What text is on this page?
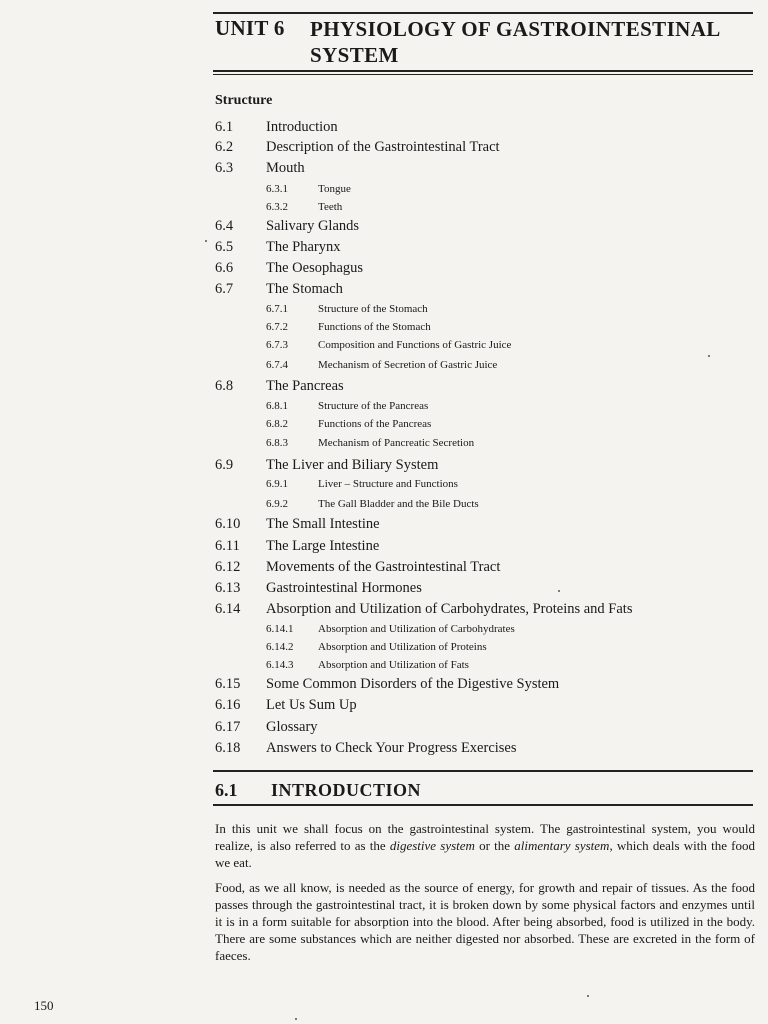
UNIT 6 PHYSIOLOGY OF GASTROINTESTINAL SYSTEM
Structure
6.1 Introduction
6.2 Description of the Gastrointestinal Tract
6.3 Mouth
6.3.1	Tongue
6.3.2	Teeth
6.4 Salivary Glands
6.5 The Pharynx
6.6 The Oesophagus
6.7 The Stomach
6.7.1	Structure of the Stomach
6.7.2	Functions of the Stomach
6.7.3	Composition and Functions of Gastric Juice
6.7.4	Mechanism of Secretion of Gastric Juice
6.8 The Pancreas
6.8.1	Structure of the Pancreas
6.8.2	Functions of the Pancreas
6.8.3	Mechanism of Pancreatic Secretion
6.9 The Liver and Biliary System
6.9.1	Liver – Structure and Functions
6.9.2	The Gall Bladder and the Bile Ducts
6.10 The Small Intestine
6.11 The Large Intestine
6.12 Movements of the Gastrointestinal Tract
6.13 Gastrointestinal Hormones
6.14 Absorption and Utilization of Carbohydrates, Proteins and Fats
6.14.1 Absorption and Utilization of Carbohydrates
6.14.2 Absorption and Utilization of Proteins
6.14.3 Absorption and Utilization of Fats
6.15 Some Common Disorders of the Digestive System
6.16 Let Us Sum Up
6.17 Glossary
6.18 Answers to Check Your Progress Exercises
6.1 INTRODUCTION
In this unit we shall focus on the gastrointestinal system. The gastrointestinal system, you would realize, is also referred to as the digestive system or the alimentary system, which deals with the food we eat.
Food, as we all know, is needed as the source of energy, for growth and repair of tissues. As the food passes through the gastrointestinal tract, it is broken down by some physical factors and enzymes until it is in a form suitable for absorption into the blood. After being absorbed, food is utilized in the body. There are some substances which are neither digested nor absorbed. These are excreted in the form of faeces.
150
